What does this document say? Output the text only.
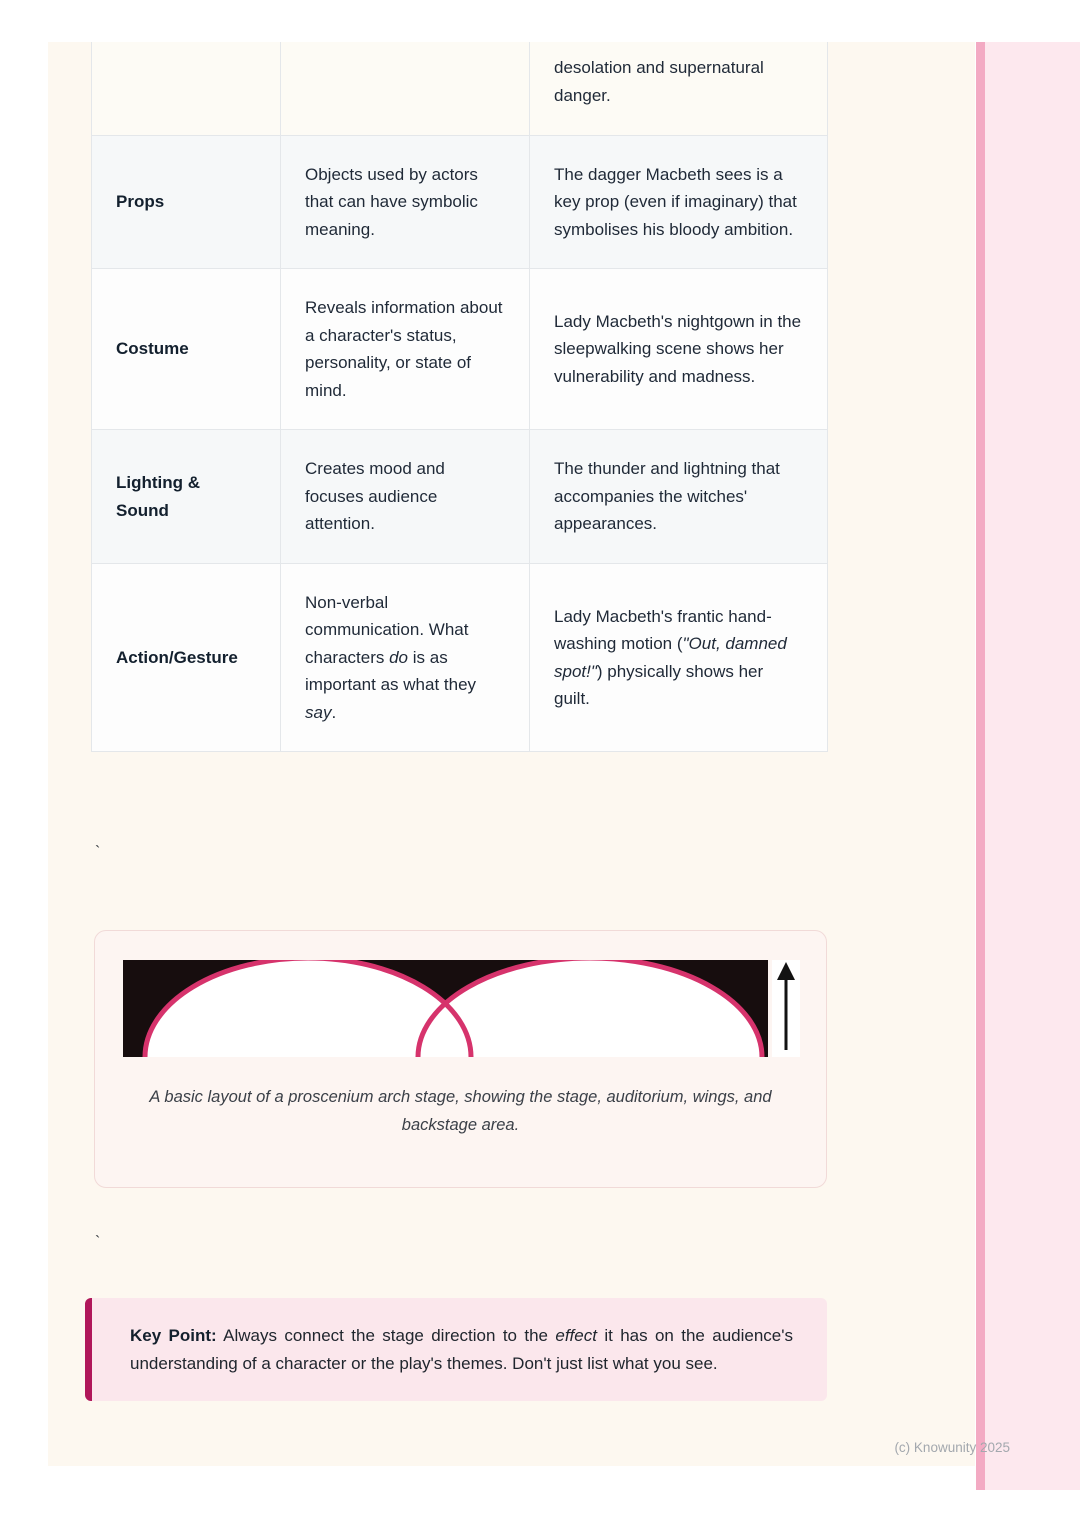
		desolation and supernatural danger.
Props	Objects used by actors that can have symbolic meaning.	The dagger Macbeth sees is a key prop (even if imaginary) that symbolises his bloody ambition.
Costume	Reveals information about a character's status, personality, or state of mind.	Lady Macbeth's nightgown in the sleepwalking scene shows her vulnerability and madness.
Lighting & Sound	Creates mood and focuses audience attention.	The thunder and lightning that accompanies the witches' appearances.
Action/Gesture	Non-verbal communication. What characters do is as important as what they say.	Lady Macbeth's frantic hand-washing motion ("Out, damned spot!") physically shows her guilt.
`
A basic layout of a proscenium arch stage, showing the stage, auditorium, wings, and backstage area.
`
Key Point: Always connect the stage direction to the effect it has on the audience's understanding of a character or the play's themes. Don't just list what you see.
(c) Knowunity 2025
